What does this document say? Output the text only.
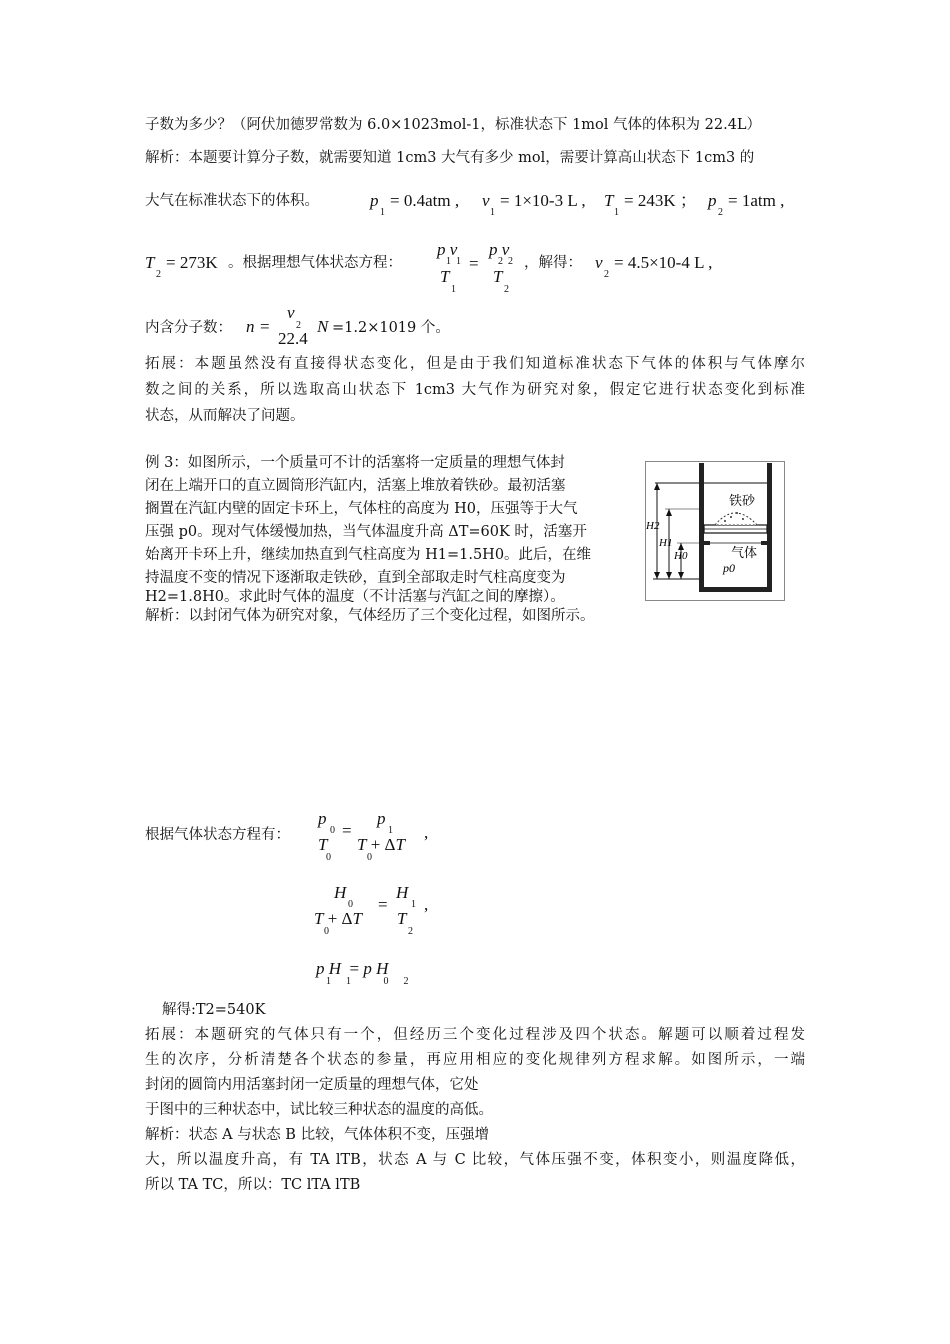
子数为多少？（阿伏加德罗常数为 6.0×1023mol-1，标准状态下 1mol 气体的体积为 22.4L）
解析：本题要计算分子数，就需要知道 1cm3 大气有多少 mol，需要计算高山状态下 1cm3 的
大气在标准状态下的体积。	p
1
= 0.4atm , v
1
= 1×10-3 L , T
1
= 243K ； p
2
= 1atm ,
T
2
= 273K 。根据理想气体状态方程：
p v
1  1
T
1
=
p v
2  2
T
2
，解得： v
2
= 4.5×10-4 L ,
内含分子数： n =
v
2
22.4
N =1.2×1019 个。
拓展：本题虽然没有直接得状态变化，但是由于我们知道标准状态下气体的体积与气体摩尔
数之间的关系，所以选取高山状态下 1cm3 大气作为研究对象，假定它进行状态变化到标准
状态，从而解决了问题。
例 3：如图所示，一个质量可不计的活塞将一定质量的理想气体封
闭在上端开口的直立圆筒形汽缸内，活塞上堆放着铁砂。最初活塞
搁置在汽缸内壁的固定卡环上，气体柱的高度为 H0，压强等于大气
压强 p0。现对气体缓慢加热，当气体温度升高 ΔT=60K 时，活塞开
始离开卡环上升，继续加热直到气柱高度为 H1=1.5H0。此后，在维
持温度不变的情况下逐渐取走铁砂，直到全部取走时气柱高度变为
H2=1.8H0。求此时气体的温度（不计活塞与汽缸之间的摩擦）。
解析：以封闭气体为研究对象，气体经历了三个变化过程，如图所示。
铁砂
气体
p0
H2
H1
H0
根据气体状态方程有：
p
0
T
0
=
p
1
T + ΔT
0
,
H
0
T + ΔT
0
=
H
1
T
2
,
p H  = p H
1      1             0      2
解得:T2=540K
拓展：本题研究的气体只有一个，但经历三个变化过程涉及四个状态。解题可以顺着过程发
生的次序，分析清楚各个状态的参量，再应用相应的变化规律列方程求解。如图所示，一端
封闭的圆筒内用活塞封闭一定质量的理想气体，它处
于图中的三种状态中，试比较三种状态的温度的高低。
解析：状态 A 与状态 B 比较，气体体积不变，压强增
大，所以温度升高，有 TA lTB，状态 A 与 C 比较，气体压强不变，体积变小，则温度降低，
所以 TA TC，所以：TC lTA lTB
